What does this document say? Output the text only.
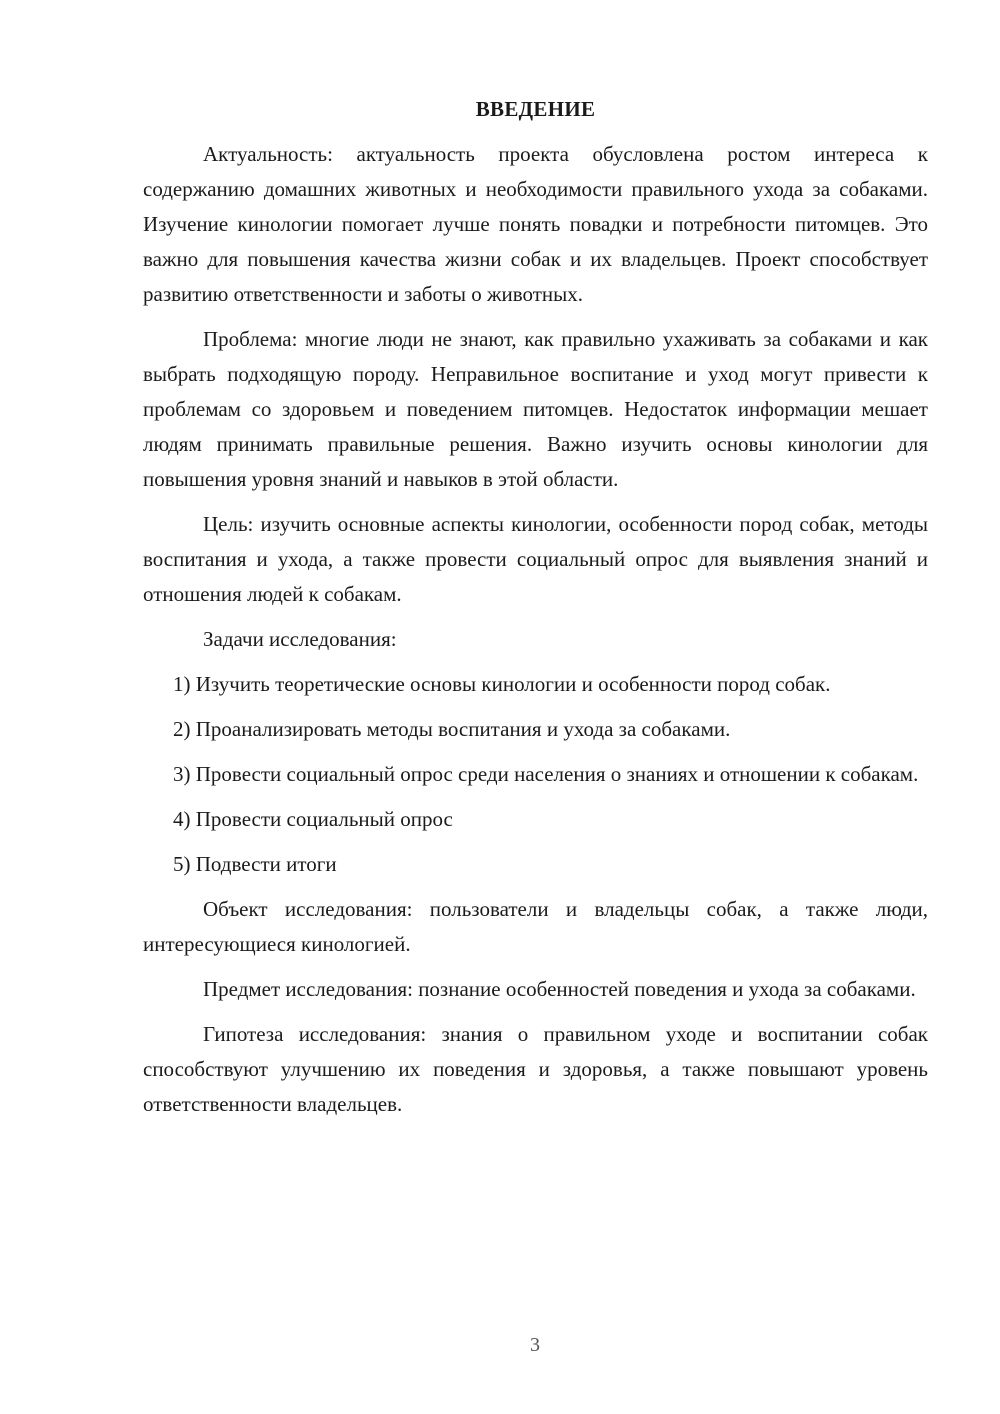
ВВЕДЕНИЕ

Актуальность: актуальность проекта обусловлена ростом интереса к содержанию домашних животных и необходимости правильного ухода за собаками. Изучение кинологии помогает лучше понять повадки и потребности питомцев. Это важно для повышения качества жизни собак и их владельцев. Проект способствует развитию ответственности и заботы о животных.

Проблема: многие люди не знают, как правильно ухаживать за собаками и как выбрать подходящую породу. Неправильное воспитание и уход могут привести к проблемам со здоровьем и поведением питомцев. Недостаток информации мешает людям принимать правильные решения. Важно изучить основы кинологии для повышения уровня знаний и навыков в этой области.

Цель: изучить основные аспекты кинологии, особенности пород собак, методы воспитания и ухода, а также провести социальный опрос для выявления знаний и отношения людей к собакам.

Задачи исследования:

1) Изучить теоретические основы кинологии и особенности пород собак.

2) Проанализировать методы воспитания и ухода за собаками.

3) Провести социальный опрос среди населения о знаниях и отношении к собакам.

4) Провести социальный опрос

5) Подвести итоги

Объект исследования: пользователи и владельцы собак, а также люди, интересующиеся кинологией.

Предмет исследования: познание особенностей поведения и ухода за собаками.

Гипотеза исследования: знания о правильном уходе и воспитании собак способствуют улучшению их поведения и здоровья, а также повышают уровень ответственности владельцев.

3
